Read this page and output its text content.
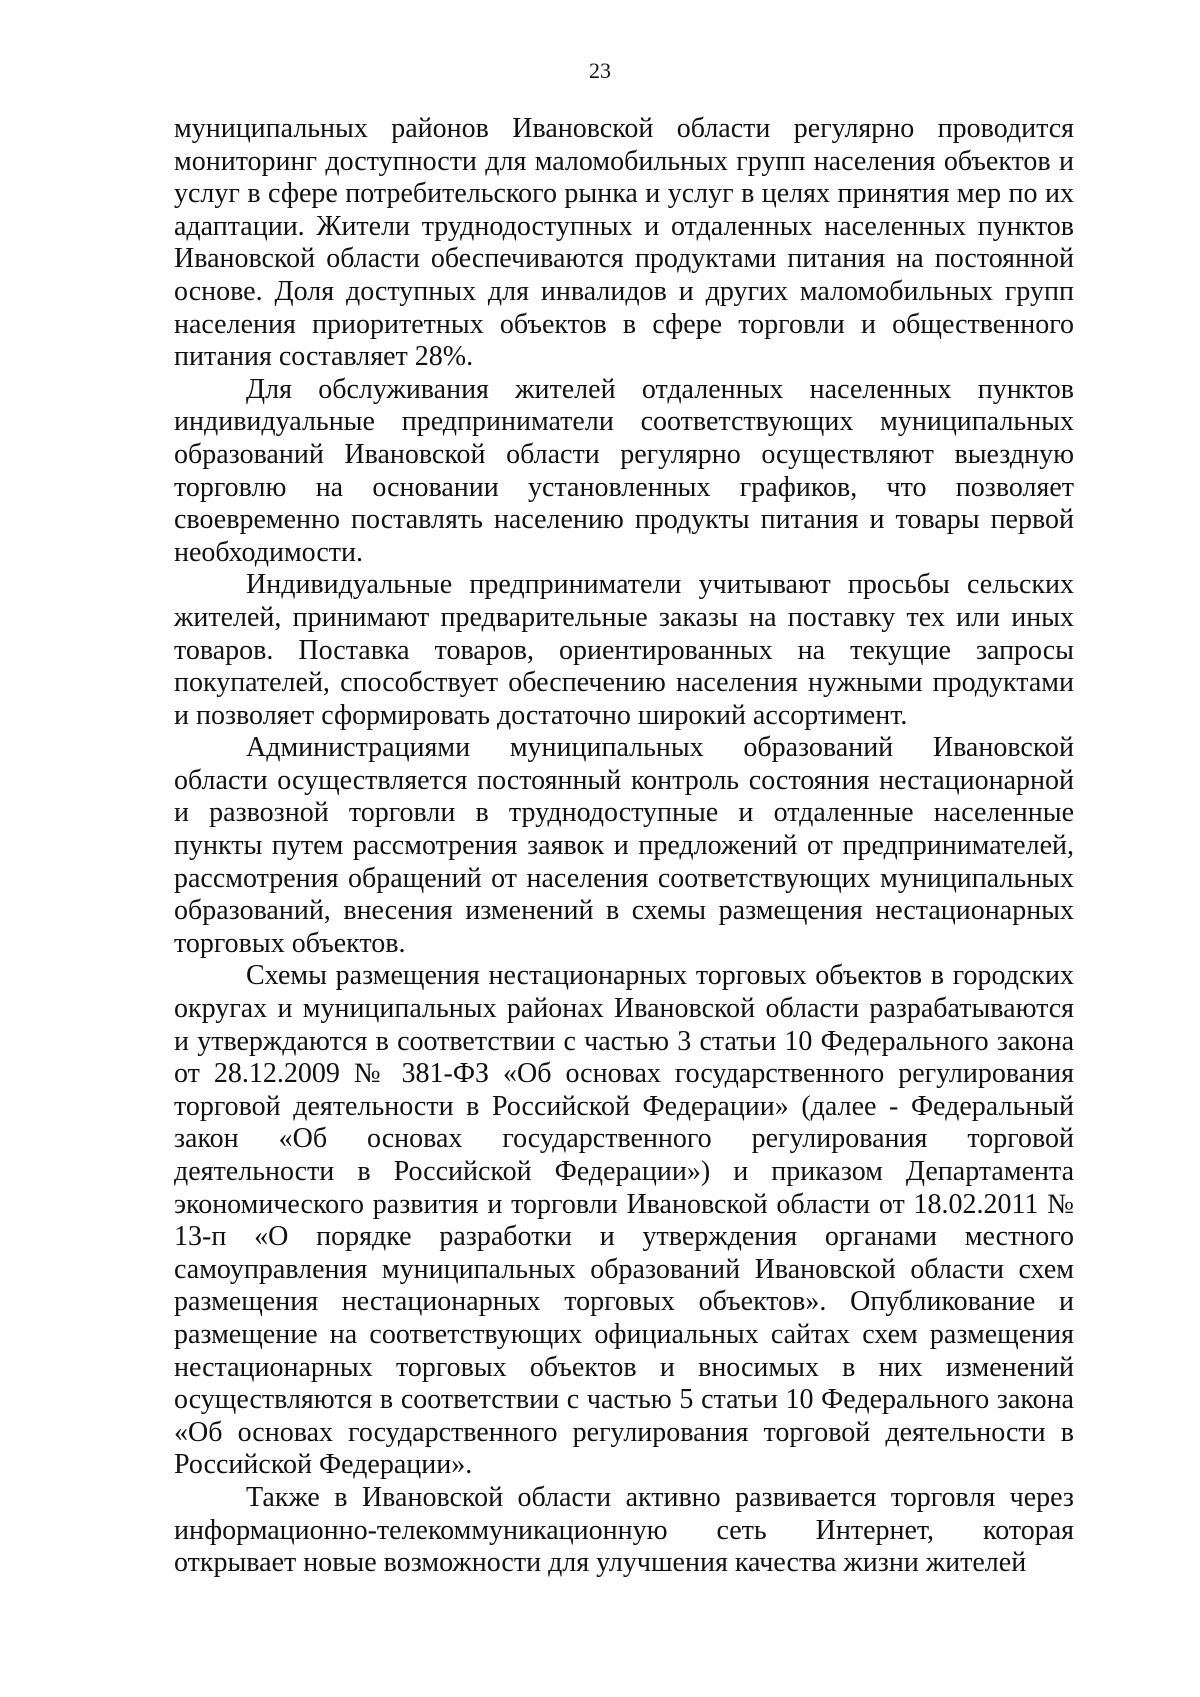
23

муниципальных районов Ивановской области регулярно проводится мониторинг доступности для маломобильных групп населения объектов и услуг в сфере потребительского рынка и услуг в целях принятия мер по их адаптации. Жители труднодоступных и отдаленных населенных пунктов Ивановской области обеспечиваются продуктами питания на постоянной основе. Доля доступных для инвалидов и других маломобильных групп населения приоритетных объектов в сфере торговли и общественного питания составляет 28%.

Для обслуживания жителей отдаленных населенных пунктов индивидуальные предприниматели соответствующих муниципальных образований Ивановской области регулярно осуществляют выездную торговлю на основании установленных графиков, что позволяет своевременно поставлять населению продукты питания и товары первой необходимости.

Индивидуальные предприниматели учитывают просьбы сельских жителей, принимают предварительные заказы на поставку тех или иных товаров. Поставка товаров, ориентированных на текущие запросы покупателей, способствует обеспечению населения нужными продуктами и позволяет сформировать достаточно широкий ассортимент.

Администрациями муниципальных образований Ивановской области осуществляется постоянный контроль состояния нестационарной и развозной торговли в труднодоступные и отдаленные населенные пункты путем рассмотрения заявок и предложений от предпринимателей, рассмотрения обращений от населения соответствующих муниципальных образований, внесения изменений в схемы размещения нестационарных торговых объектов.

Схемы размещения нестационарных торговых объектов в городских округах и муниципальных районах Ивановской области разрабатываются и утверждаются в соответствии с частью 3 статьи 10 Федерального закона от 28.12.2009 № 381-ФЗ «Об основах государственного регулирования торговой деятельности в Российской Федерации» (далее - Федеральный закон «Об основах государственного регулирования торговой деятельности в Российской Федерации») и приказом Департамента экономического развития и торговли Ивановской области от 18.02.2011 № 13-п «О порядке разработки и утверждения органами местного самоуправления муниципальных образований Ивановской области схем размещения нестационарных торговых объектов». Опубликование и размещение на соответствующих официальных сайтах схем размещения нестационарных торговых объектов и вносимых в них изменений осуществляются в соответствии с частью 5 статьи 10 Федерального закона «Об основах государственного регулирования торговой деятельности в Российской Федерации».

Также в Ивановской области активно развивается торговля через информационно-телекоммуникационную сеть Интернет, которая открывает новые возможности для улучшения качества жизни жителей
